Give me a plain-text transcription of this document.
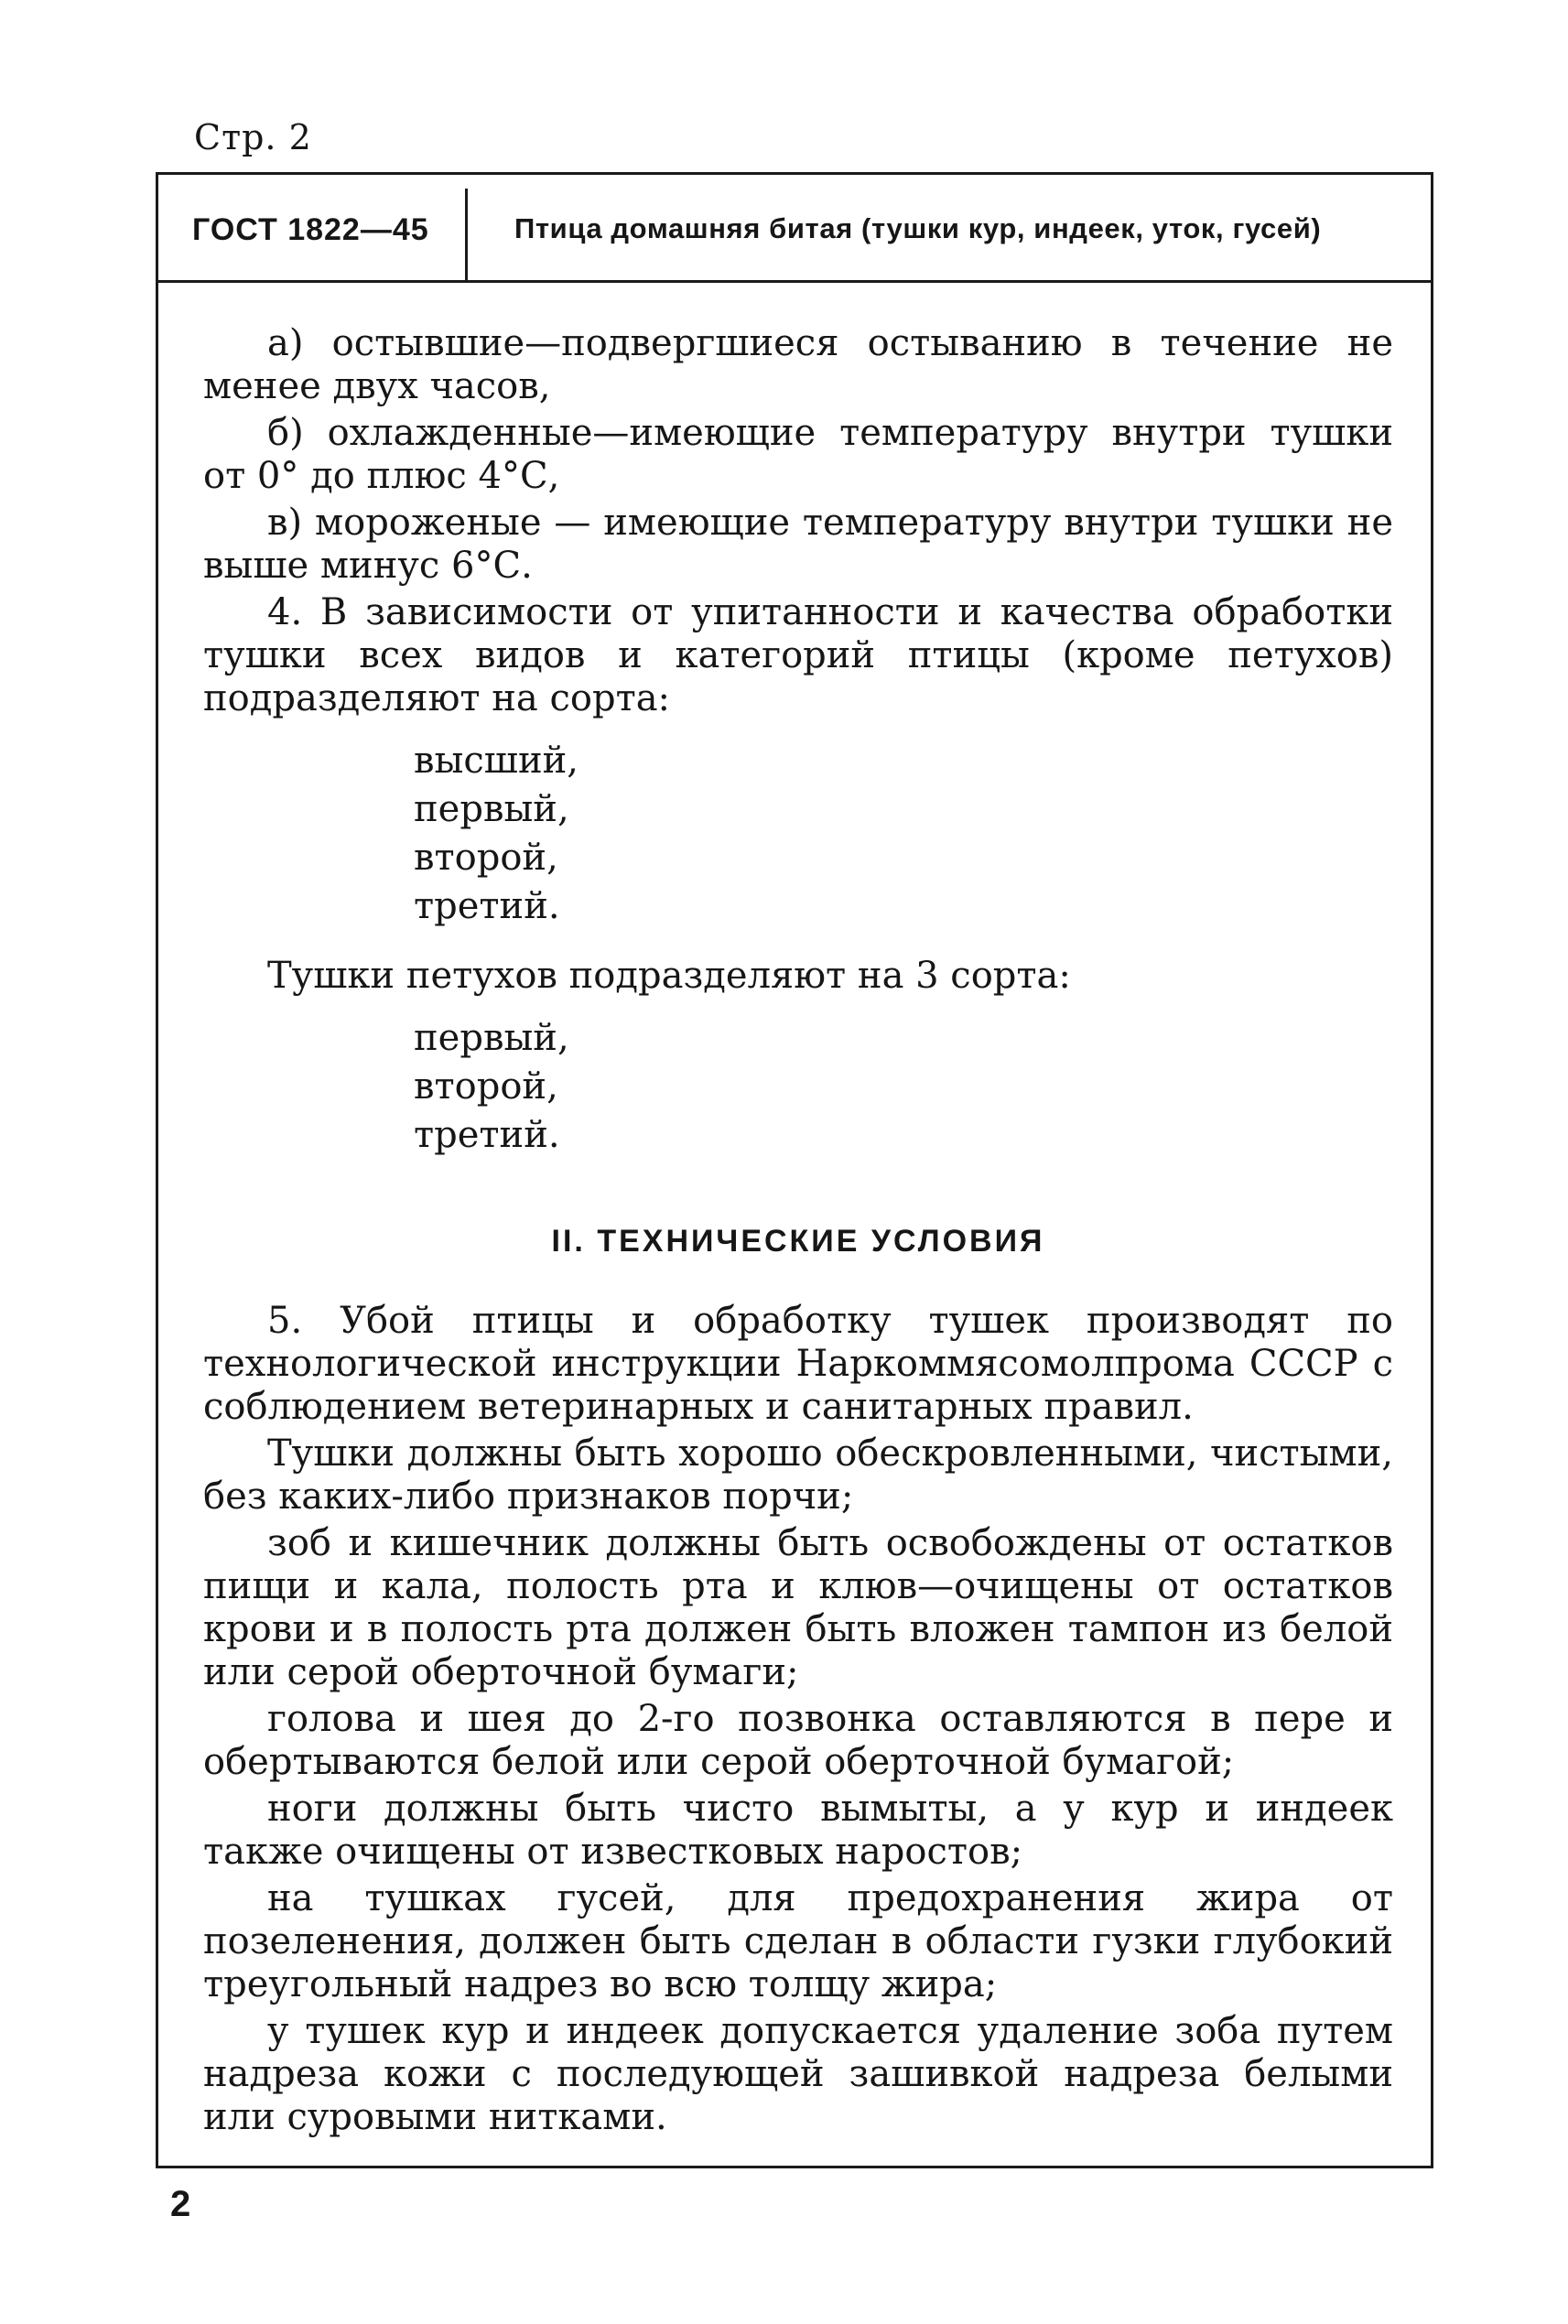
Стр. 2
ГОСТ 1822—45	Птица домашняя битая (тушки кур, индеек, уток, гусей)

а) остывшие—подвергшиеся остыванию в течение не менее двух часов,

б) охлажденные—имеющие температуру внутри тушки от 0° до плюс 4°С,

в) мороженые — имеющие температуру внутри тушки не выше минус 6°С.

4. В зависимости от упитанности и качества обработки тушки всех видов и категорий птицы (кроме петухов) подразделяют на сорта:

высший,
первый,
второй,
третий.

Тушки петухов подразделяют на 3 сорта:

первый,
второй,
третий.
II. ТЕХНИЧЕСКИЕ УСЛОВИЯ

5. Убой птицы и обработку тушек производят по технологической инструкции Наркоммясомолпрома СССР с соблюдением ветеринарных и санитарных правил.

Тушки должны быть хорошо обескровленными, чистыми, без каких-либо признаков порчи;

зоб и кишечник должны быть освобождены от остатков пищи и кала, полость рта и клюв—очищены от остатков крови и в полость рта должен быть вложен тампон из белой или серой оберточной бумаги;

голова и шея до 2-го позвонка оставляются в пере и обертываются белой или серой оберточной бумагой;

ноги должны быть чисто вымыты, а у кур и индеек также очищены от известковых наростов;

на тушках гусей, для предохранения жира от позеленения, должен быть сделан в области гузки глубокий треугольный надрез во всю толщу жира;

у тушек кур и индеек допускается удаление зоба путем надреза кожи с последующей зашивкой надреза белыми или суровыми нитками.

2
